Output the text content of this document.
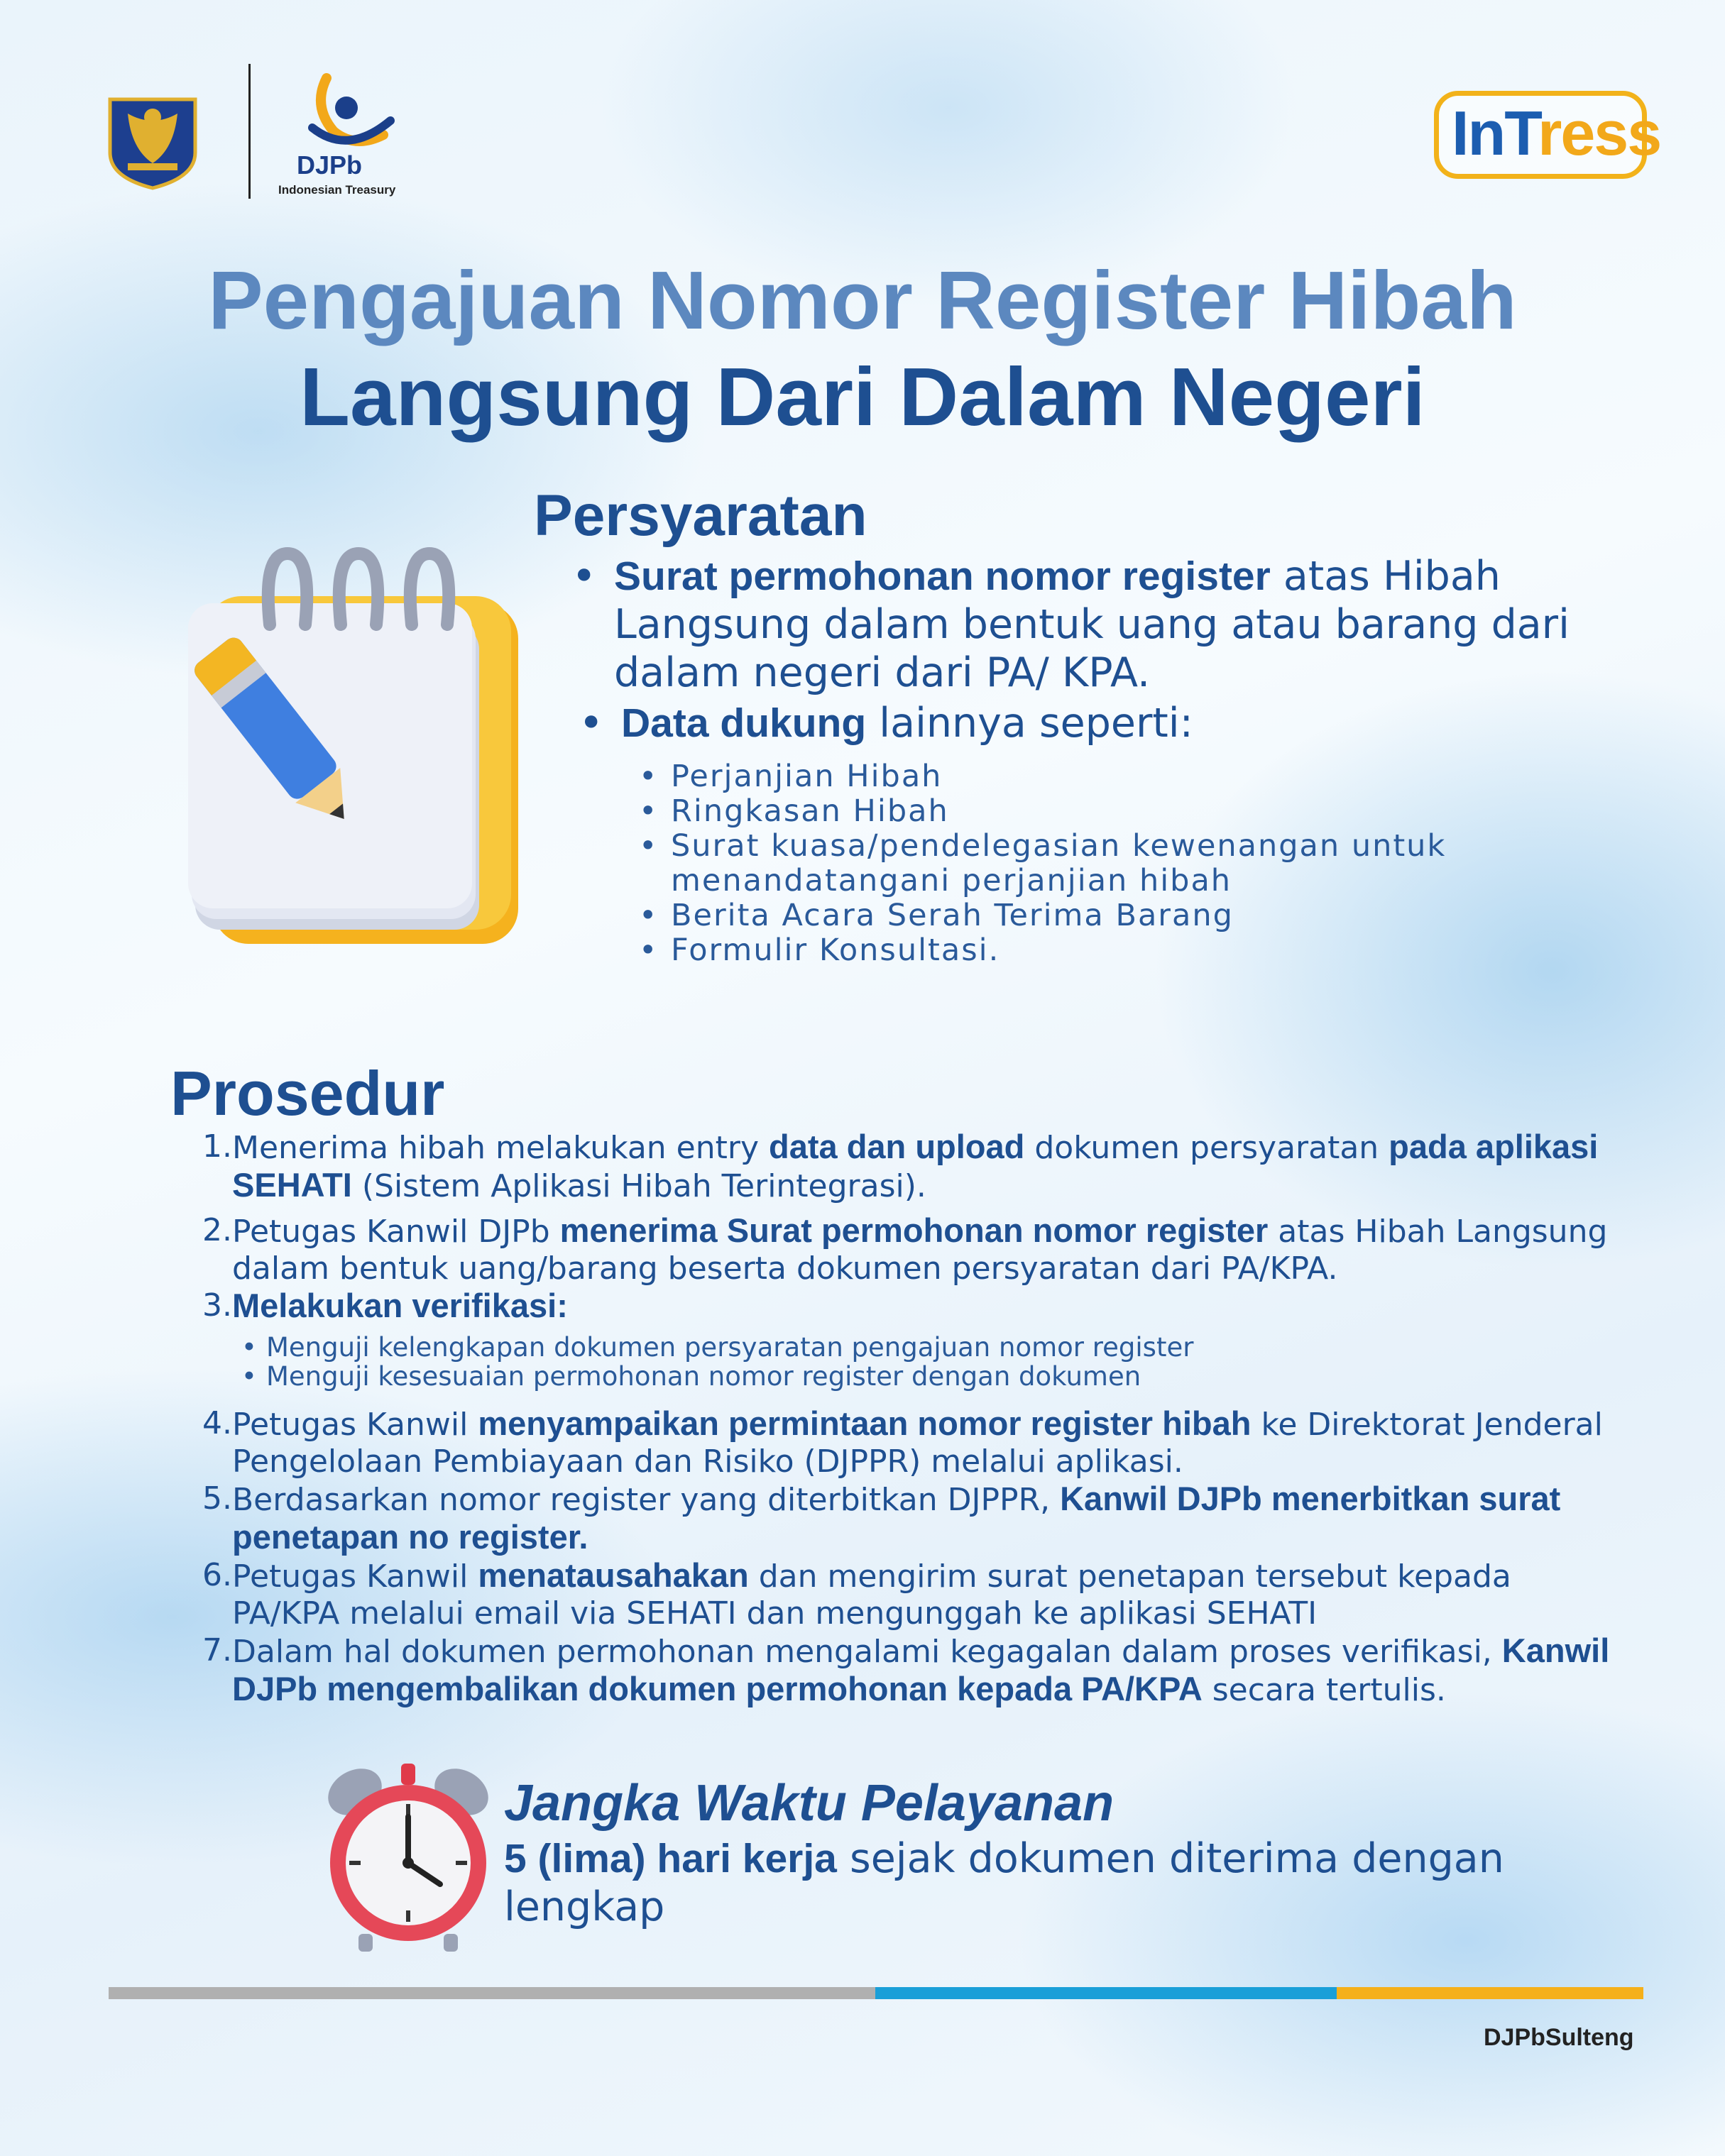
DJPb
Indonesian Treasury
InTress
Pengajuan Nomor Register Hibah
Langsung Dari Dalam Negeri
Persyaratan
• Surat permohonan nomor register atas Hibah Langsung dalam bentuk uang atau barang dari dalam negeri dari PA/ KPA.
• Data dukung lainnya seperti:
• Perjanjian Hibah
• Ringkasan Hibah
• Surat kuasa/pendelegasian kewenangan untuk menandatangani perjanjian hibah
• Berita Acara Serah Terima Barang
• Formulir Konsultasi.
Prosedur
1. Menerima hibah melakukan entry data dan upload dokumen persyaratan pada aplikasi SEHATI (Sistem Aplikasi Hibah Terintegrasi).
2. Petugas Kanwil DJPb menerima Surat permohonan nomor register atas Hibah Langsung dalam bentuk uang/barang beserta dokumen persyaratan dari PA/KPA.
3. Melakukan verifikasi:
• Menguji kelengkapan dokumen persyaratan pengajuan nomor register
• Menguji kesesuaian permohonan nomor register dengan dokumen
4. Petugas Kanwil menyampaikan permintaan nomor register hibah ke Direktorat Jenderal Pengelolaan Pembiayaan dan Risiko (DJPPR) melalui aplikasi.
5. Berdasarkan nomor register yang diterbitkan DJPPR, Kanwil DJPb menerbitkan surat penetapan no register.
6. Petugas Kanwil menatausahakan dan mengirim surat penetapan tersebut kepada PA/KPA melalui email via SEHATI dan mengunggah ke aplikasi SEHATI
7. Dalam hal dokumen permohonan mengalami kegagalan dalam proses verifikasi, Kanwil DJPb mengembalikan dokumen permohonan kepada PA/KPA secara tertulis.
Jangka Waktu Pelayanan
5 (lima) hari kerja sejak dokumen diterima dengan lengkap
DJPbSulteng
